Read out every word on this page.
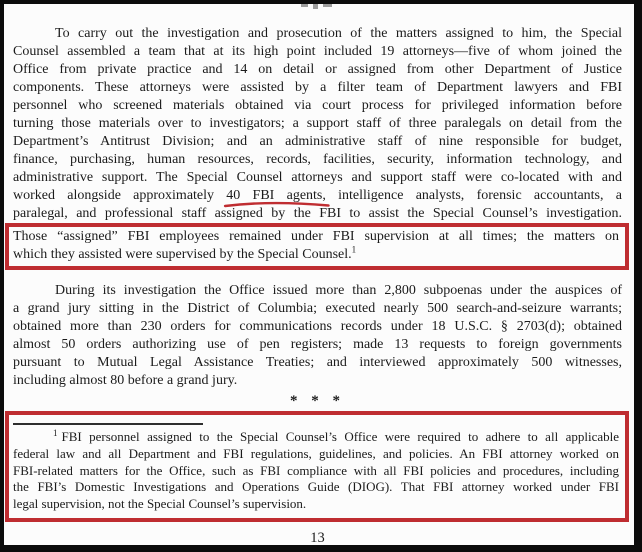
To carry out the investigation and prosecution of the matters assigned to him, the Special
Counsel assembled a team that at its high point included 19 attorneys—five of whom joined the
Office from private practice and 14 on detail or assigned from other Department of Justice
components. These attorneys were assisted by a filter team of Department lawyers and FBI
personnel who screened materials obtained via court process for privileged information before
turning those materials over to investigators; a support staff of three paralegals on detail from the
Department’s Antitrust Division; and an administrative staff of nine responsible for budget,
finance, purchasing, human resources, records, facilities, security, information technology, and
administrative support. The Special Counsel attorneys and support staff were co-located with and
worked alongside approximately
40 FBI agents, intelligence analysts, forensic accountants, a
paralegal, and professional staff assigned by the FBI to assist the Special Counsel’s investigation.
Those “assigned” FBI employees remained under FBI supervision at all times; the matters on
which they assisted were supervised by the Special Counsel.$^1$
During its investigation the Office issued more than 2,800 subpoenas under the auspices of
a grand jury sitting in the District of Columbia; executed nearly 500 search-and-seizure warrants;
obtained more than 230 orders for communications records under 18 U.S.C. § 2703(d); obtained
almost 50 orders authorizing use of pen registers; made 13 requests to foreign governments
pursuant to Mutual Legal Assistance Treaties; and interviewed approximately 500 witnesses,
including almost 80 before a grand jury.
* * *
$^1$ FBI personnel assigned to the Special Counsel’s Office were required to adhere to all applicable
federal law and all Department and FBI regulations, guidelines, and policies. An FBI attorney worked on
FBI-related matters for the Office, such as FBI compliance with all FBI policies and procedures, including
the FBI’s Domestic Investigations and Operations Guide (DIOG). That FBI attorney worked under FBI
legal supervision, not the Special Counsel’s supervision.
13
